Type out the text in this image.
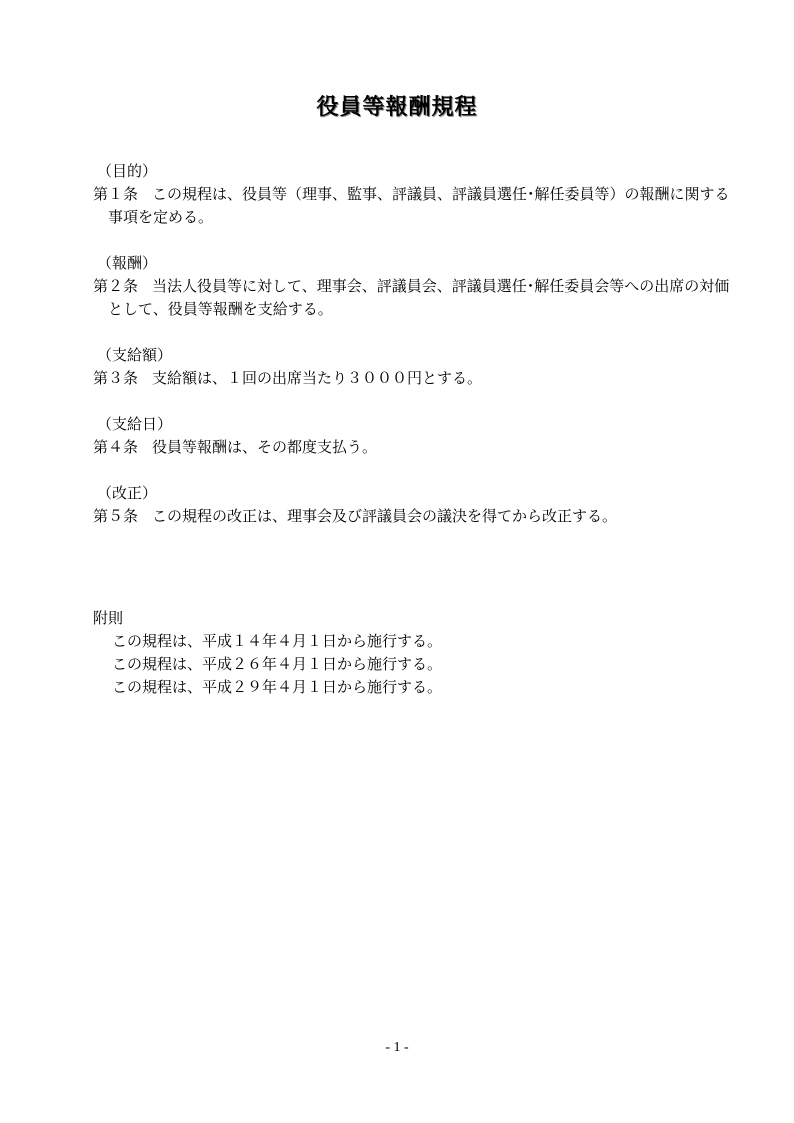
役員等報酬規程
（目的）
第１条 この規程は、役員等（理事、監事、評議員、評議員選任･解任委員等）の報酬に関する事項を定める。
（報酬）
第２条 当法人役員等に対して、理事会、評議員会、評議員選任･解任委員会等への出席の対価として、役員等報酬を支給する。
（支給額）
第３条 支給額は、１回の出席当たり３０００円とする。
（支給日）
第４条 役員等報酬は、その都度支払う。
（改正）
第５条 この規程の改正は、理事会及び評議員会の議決を得てから改正する。
附則
この規程は、平成１４年４月１日から施行する。
この規程は、平成２６年４月１日から施行する。
この規程は、平成２９年４月１日から施行する。
- 1 -
